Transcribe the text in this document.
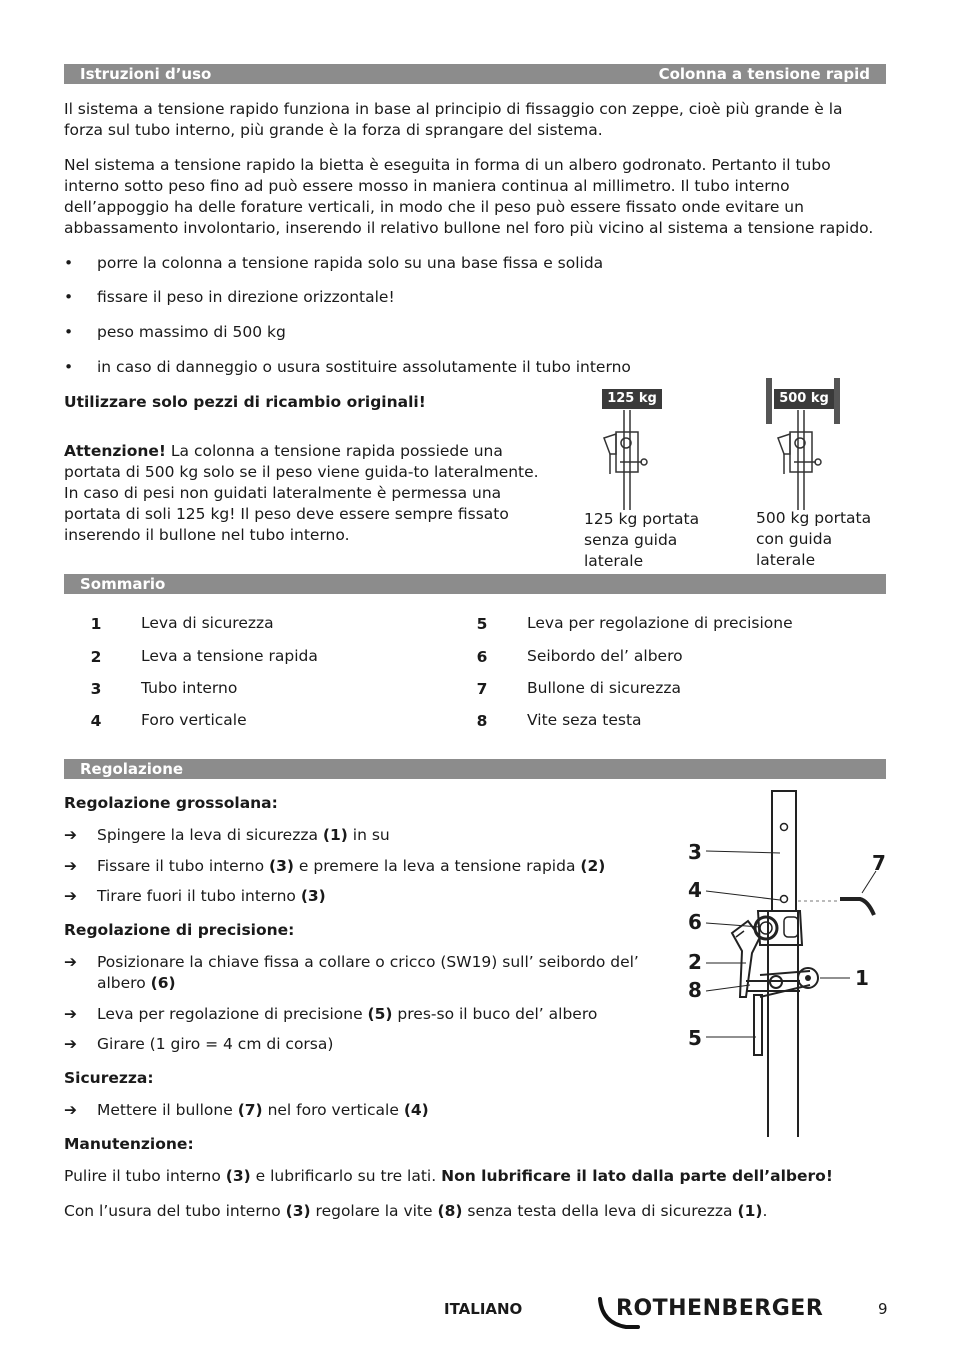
Istruzioni d’uso	Colonna a tensione rapid

Il sistema a tensione rapido funziona in base al principio di fissaggio con zeppe, cioè più grande è la forza sul tubo interno, più grande è la forza di sprangare del sistema.

Nel sistema a tensione rapido la bietta è eseguita in forma di un albero godronato. Pertanto il tubo interno sotto peso fino ad può essere mosso in maniera continua al millimetro. Il tubo interno dell’appoggio ha delle forature verticali, in modo che il peso può essere fissato onde evitare un abbassamento involontario, inserendo il relativo bullone nel foro più vicino al sistema a tensione rapido.

• porre la colonna a tensione rapida solo su una base fissa e solida
• fissare il peso in direzione orizzontale!
• peso massimo di 500 kg
• in caso di danneggio o usura sostituire assolutamente il tubo interno
Utilizzare solo pezzi di ricambio originali!
Attenzione! La colonna a tensione rapida possiede una portata di 500 kg solo se il peso viene guida-to lateralmente. In caso di pesi non guidati lateralmente è permessa una portata di soli 125 kg! Il peso deve essere sempre fissato inserendo il bullone nel tubo interno.
125 kg
125 kg portata senza guida laterale
500 kg
500 kg portata con guida laterale
Sommario
1	Leva di sicurezza
2	Leva a tensione rapida
3	Tubo interno
4	Foro verticale
5	Leva per regolazione di precisione
6	Seibordo del’ albero
7	Bullone di sicurezza
8	Vite seza testa
Regolazione
Regolazione grossolana:
➔ Spingere la leva di sicurezza (1) in su
➔ Fissare il tubo interno (3) e premere la leva a tensione rapida (2)
➔ Tirare fuori il tubo interno (3)
Regolazione di precisione:
➔ Posizionare la chiave fissa a collare o cricco (SW19) sull’ seibordo del’ albero (6)
➔ Leva per regolazione di precisione (5) pres-so il buco del’ albero
➔ Girare (1 giro = 4 cm di corsa)
Sicurezza:
➔ Mettere il bullone (7) nel foro verticale (4)
Manutenzione:
Pulire il tubo interno (3) e lubrificarlo su tre lati. Non lubrificare il lato dalla parte dell’albero!
Con l’usura del tubo interno (3) regolare la vite (8) senza testa della leva di sicurezza (1).
3
4
6
2
8
5
7
1
ITALIANO	ROTHENBERGER	9
